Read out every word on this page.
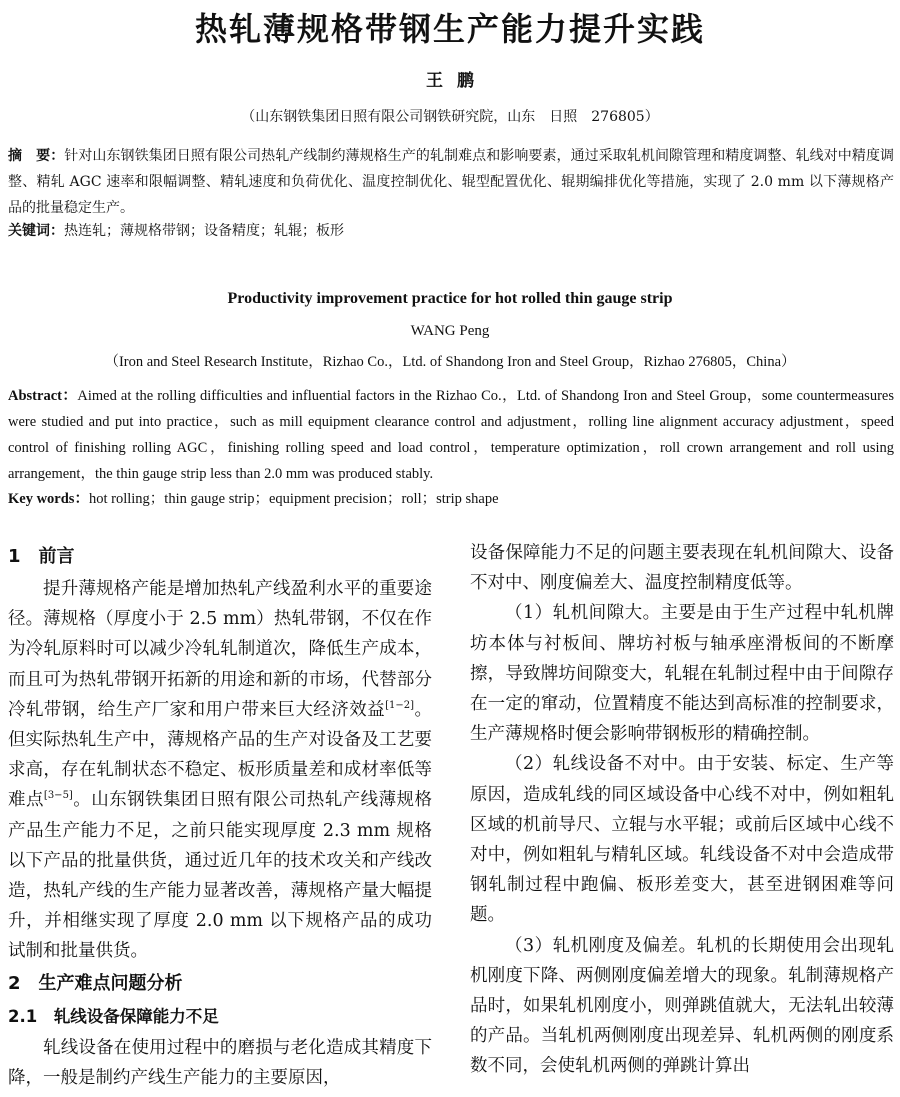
热轧薄规格带钢生产能力提升实践
王鹏
（山东钢铁集团日照有限公司钢铁研究院，山东　日照　276805）

摘　要：针对山东钢铁集团日照有限公司热轧产线制约薄规格生产的轧制难点和影响要素，通过采取轧机间隙管理和精度调整、轧线对中精度调整、精轧 AGC 速率和限幅调整、精轧速度和负荷优化、温度控制优化、辊型配置优化、辊期编排优化等措施，实现了 2.0 mm 以下薄规格产品的批量稳定生产。

关键词：热连轧；薄规格带钢；设备精度；轧辊；板形

Productivity improvement practice for hot rolled thin gauge strip
WANG Peng
（Iron and Steel Research Institute，Rizhao Co.，Ltd. of Shandong Iron and Steel Group，Rizhao 276805，China）

Abstract：Aimed at the rolling difficulties and influential factors in the Rizhao Co.，Ltd. of Shandong Iron and Steel Group，some countermeasures were studied and put into practice，such as mill equipment clearance control and adjustment，rolling line alignment accuracy adjustment，speed control of finishing rolling AGC，finishing rolling speed and load control，temperature optimization，roll crown arrangement and roll using arrangement，the thin gauge strip less than 2.0 mm was produced stably.

Key words：hot rolling；thin gauge strip；equipment precision；roll；strip shape

1　前言

提升薄规格产能是增加热轧产线盈利水平的重要途径。薄规格（厚度小于 2.5 mm）热轧带钢，不仅在作为冷轧原料时可以减少冷轧轧制道次，降低生产成本，而且可为热轧带钢开拓新的用途和新的市场，代替部分冷轧带钢，给生产厂家和用户带来巨大经济效益[1−2]。但实际热轧生产中，薄规格产品的生产对设备及工艺要求高，存在轧制状态不稳定、板形质量差和成材率低等难点[3−5]。山东钢铁集团日照有限公司热轧产线薄规格产品生产能力不足，之前只能实现厚度 2.3 mm 规格以下产品的批量供货，通过近几年的技术攻关和产线改造，热轧产线的生产能力显著改善，薄规格产量大幅提升，并相继实现了厚度 2.0 mm 以下规格产品的成功试制和批量供货。

2　生产难点问题分析
2.1　轧线设备保障能力不足

轧线设备在使用过程中的磨损与老化造成其精度下降，一般是制约产线生产能力的主要原因，

设备保障能力不足的问题主要表现在轧机间隙大、设备不对中、刚度偏差大、温度控制精度低等。

（1）轧机间隙大。主要是由于生产过程中轧机牌坊本体与衬板间、牌坊衬板与轴承座滑板间的不断摩擦，导致牌坊间隙变大，轧辊在轧制过程中由于间隙存在一定的窜动，位置精度不能达到高标准的控制要求，生产薄规格时便会影响带钢板形的精确控制。

（2）轧线设备不对中。由于安装、标定、生产等原因，造成轧线的同区域设备中心线不对中，例如粗轧区域的机前导尺、立辊与水平辊；或前后区域中心线不对中，例如粗轧与精轧区域。轧线设备不对中会造成带钢轧制过程中跑偏、板形差变大，甚至进钢困难等问题。

（3）轧机刚度及偏差。轧机的长期使用会出现轧机刚度下降、两侧刚度偏差增大的现象。轧制薄规格产品时，如果轧机刚度小，则弹跳值就大，无法轧出较薄的产品。当轧机两侧刚度出现差异、轧机两侧的刚度系数不同，会使轧机两侧的弹跳计算出
